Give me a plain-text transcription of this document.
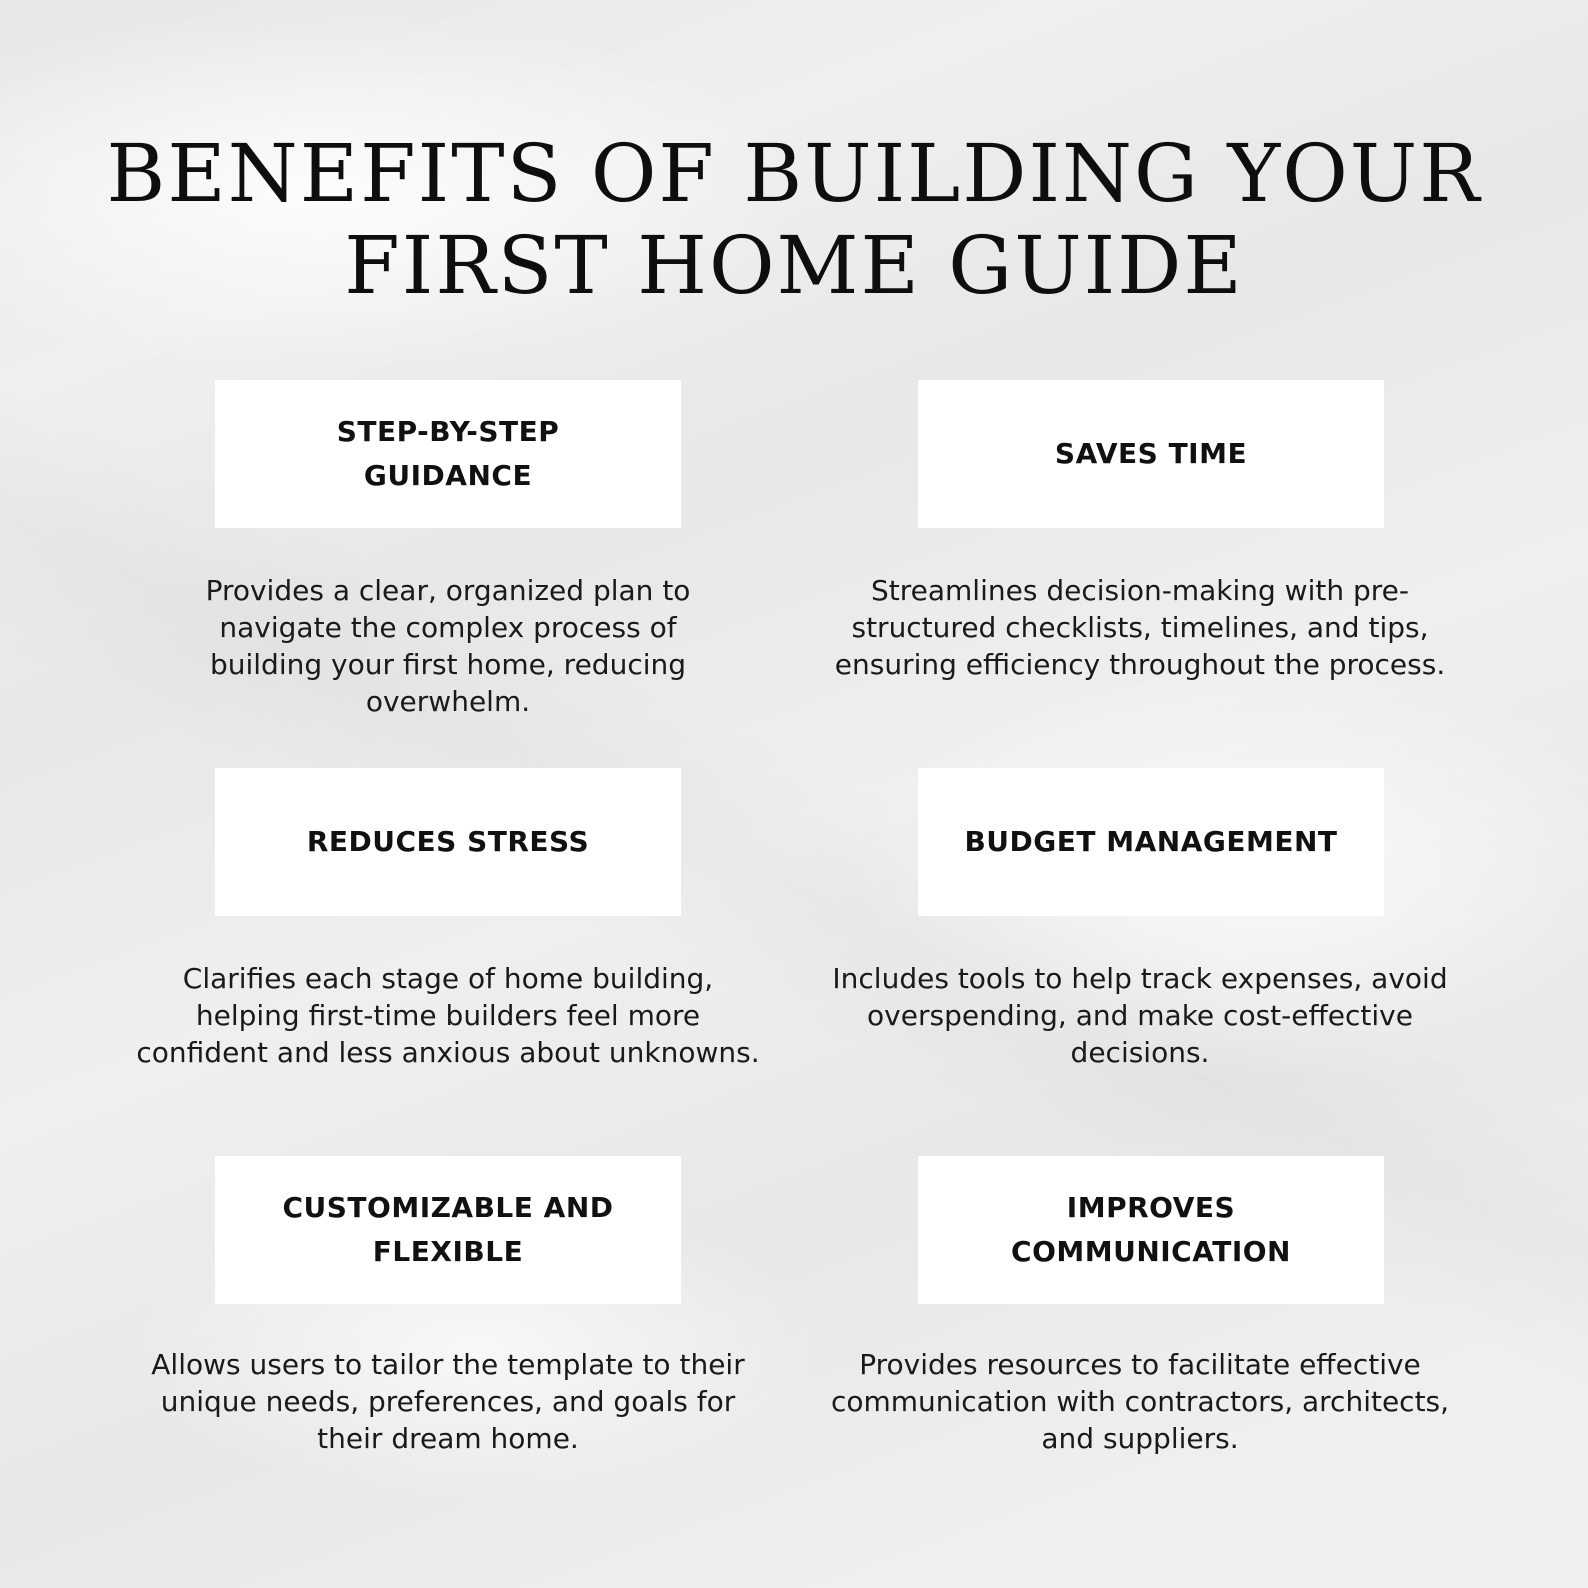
BENEFITS OF BUILDING YOUR
FIRST HOME GUIDE
STEP-BY-STEP GUIDANCE

Provides a clear, organized plan to navigate the complex process of building your first home, reducing overwhelm.

SAVES TIME

Streamlines decision-making with pre-structured checklists, timelines, and tips, ensuring efficiency throughout the process.

REDUCES STRESS

Clarifies each stage of home building, helping first-time builders feel more confident and less anxious about unknowns.

BUDGET MANAGEMENT

Includes tools to help track expenses, avoid overspending, and make cost-effective decisions.

CUSTOMIZABLE AND FLEXIBLE

Allows users to tailor the template to their unique needs, preferences, and goals for their dream home.

IMPROVES COMMUNICATION

Provides resources to facilitate effective communication with contractors, architects, and suppliers.
